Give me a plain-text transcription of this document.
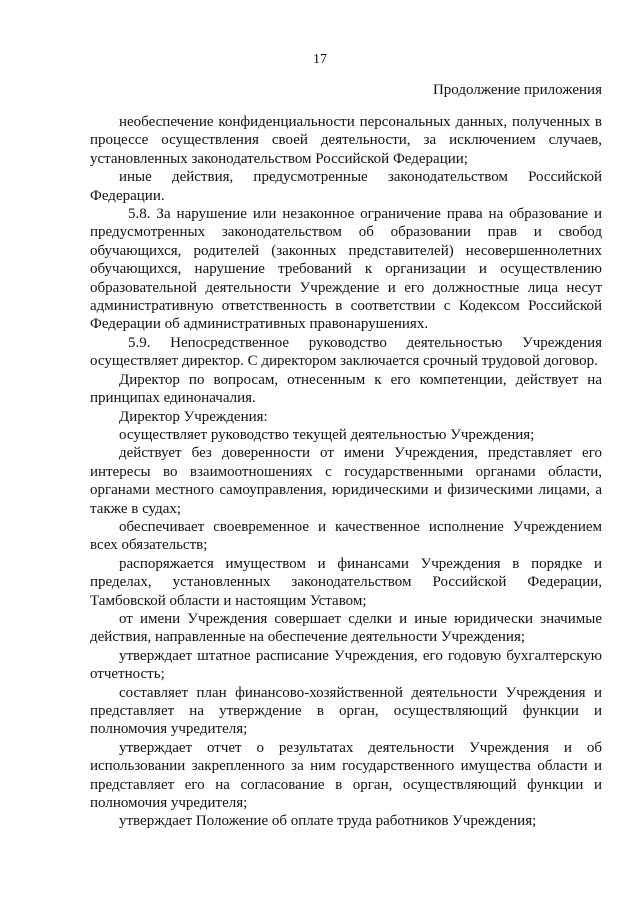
17
Продолжение приложения

необеспечение конфиденциальности персональных данных, полученных в процессе осуществления своей деятельности, за исключением случаев, установленных законодательством Российской Федерации;

иные действия, предусмотренные законодательством Российской Федерации.

5.8. За нарушение или незаконное ограничение права на образование и предусмотренных законодательством об образовании прав и свобод обучающихся, родителей (законных представителей) несовершеннолетних обучающихся, нарушение требований к организации и осуществлению образовательной деятельности Учреждение и его должностные лица несут административную ответственность в соответствии с Кодексом Российской Федерации об административных правонарушениях.

5.9. Непосредственное руководство деятельностью Учреждения осуществляет директор. С директором заключается срочный трудовой договор.

Директор по вопросам, отнесенным к его компетенции, действует на принципах единоначалия.

Директор Учреждения:

осуществляет руководство текущей деятельностью Учреждения;

действует без доверенности от имени Учреждения, представляет его интересы во взаимоотношениях с государственными органами области, органами местного самоуправления, юридическими и физическими лицами, а также в судах;

обеспечивает своевременное и качественное исполнение Учреждением всех обязательств;

распоряжается имуществом и финансами Учреждения в порядке и пределах, установленных законодательством Российской Федерации, Тамбовской области и настоящим Уставом;

от имени Учреждения совершает сделки и иные юридически значимые действия, направленные на обеспечение деятельности Учреждения;

утверждает штатное расписание Учреждения, его годовую бухгалтерскую отчетность;

составляет план финансово-хозяйственной деятельности Учреждения и представляет на утверждение в орган, осуществляющий функции и полномочия учредителя;

утверждает отчет о результатах деятельности Учреждения и об использовании закрепленного за ним государственного имущества области и представляет его на согласование в орган, осуществляющий функции и полномочия учредителя;

утверждает Положение об оплате труда работников Учреждения;
